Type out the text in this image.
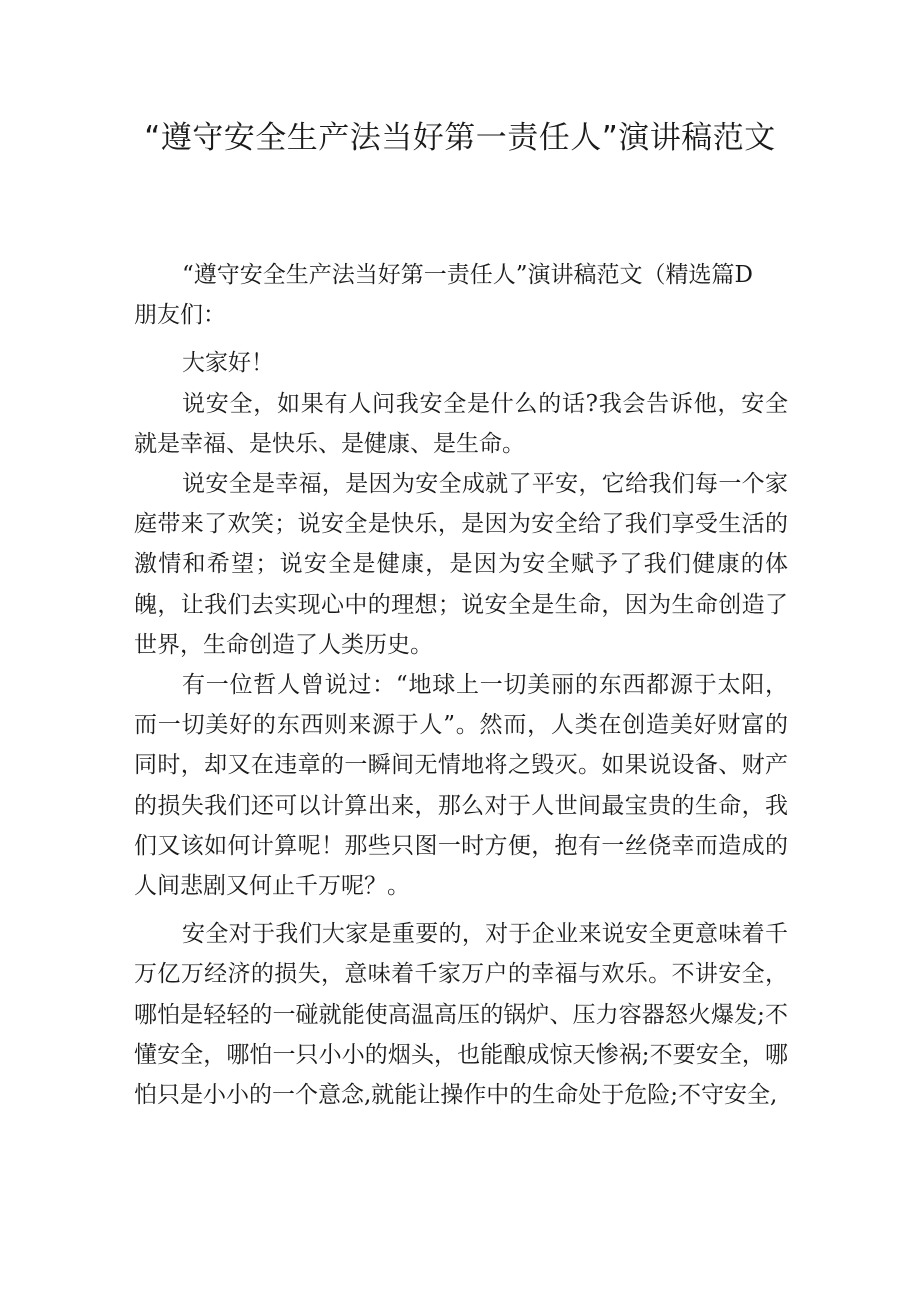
“遵守安全生产法当好第一责任人”演讲稿范文

“遵守安全生产法当好第一责任人”演讲稿范文（精选篇D

朋友们：

大家好！

说安全，如果有人问我安全是什么的话?我会告诉他，安全就是幸福、是快乐、是健康、是生命。

说安全是幸福，是因为安全成就了平安，它给我们每一个家庭带来了欢笑；说安全是快乐，是因为安全给了我们享受生活的激情和希望；说安全是健康，是因为安全赋予了我们健康的体魄，让我们去实现心中的理想；说安全是生命，因为生命创造了世界，生命创造了人类历史。

有一位哲人曾说过：“地球上一切美丽的东西都源于太阳，而一切美好的东西则来源于人”。然而，人类在创造美好财富的同时，却又在违章的一瞬间无情地将之毁灭。如果说设备、财产的损失我们还可以计算出来，那么对于人世间最宝贵的生命，我们又该如何计算呢！那些只图一时方便，抱有一丝侥幸而造成的人间悲剧又何止千万呢？。

安全对于我们大家是重要的，对于企业来说安全更意味着千万亿万经济的损失，意味着千家万户的幸福与欢乐。不讲安全，哪怕是轻轻的一碰就能使高温高压的锅炉、压力容器怒火爆发;不懂安全，哪怕一只小小的烟头，也能酿成惊天惨祸;不要安全，哪怕只是小小的一个意念,就能让操作中的生命处于危险;不守安全,
